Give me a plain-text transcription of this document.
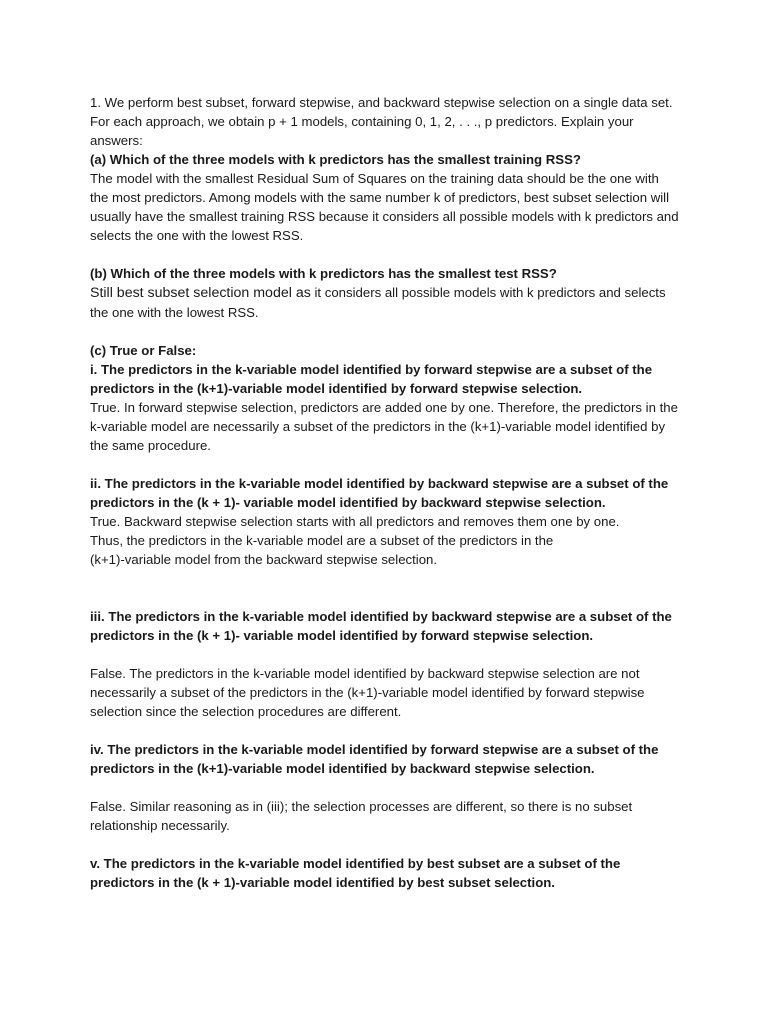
1. We perform best subset, forward stepwise, and backward stepwise selection on a single data set. For each approach, we obtain p + 1 models, containing 0, 1, 2, . . ., p predictors. Explain your answers:

(a) Which of the three models with k predictors has the smallest training RSS?

The model with the smallest Residual Sum of Squares on the training data should be the one with the most predictors. Among models with the same number k of predictors, best subset selection will usually have the smallest training RSS because it considers all possible models with k predictors and selects the one with the lowest RSS.

(b) Which of the three models with k predictors has the smallest test RSS?

Still best subset selection model as it considers all possible models with k predictors and selects the one with the lowest RSS.

(c) True or False:

i. The predictors in the k-variable model identified by forward stepwise are a subset of the predictors in the (k+1)-variable model identified by forward stepwise selection.

True. In forward stepwise selection, predictors are added one by one. Therefore, the predictors in the k-variable model are necessarily a subset of the predictors in the (k+1)-variable model identified by the same procedure.

ii. The predictors in the k-variable model identified by backward stepwise are a subset of the predictors in the (k + 1)- variable model identified by backward stepwise selection.

True. Backward stepwise selection starts with all predictors and removes them one by one.

Thus, the predictors in the k-variable model are a subset of the predictors in the

(k+1)-variable model from the backward stepwise selection.

iii. The predictors in the k-variable model identified by backward stepwise are a subset of the predictors in the (k + 1)- variable model identified by forward stepwise selection.

False. The predictors in the k-variable model identified by backward stepwise selection are not necessarily a subset of the predictors in the (k+1)-variable model identified by forward stepwise selection since the selection procedures are different.

iv. The predictors in the k-variable model identified by forward stepwise are a subset of the predictors in the (k+1)-variable model identified by backward stepwise selection.

False. Similar reasoning as in (iii); the selection processes are different, so there is no subset relationship necessarily.

v. The predictors in the k-variable model identified by best subset are a subset of the predictors in the (k + 1)-variable model identified by best subset selection.
